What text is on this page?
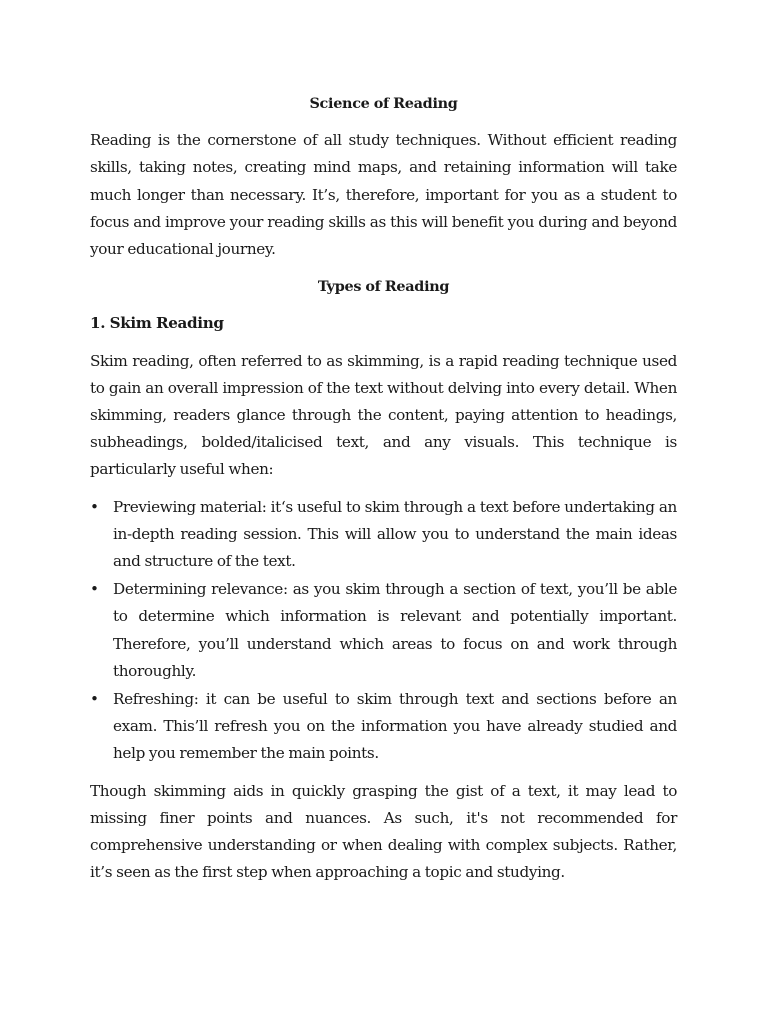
Science of Reading

Reading is the cornerstone of all study techniques. Without efficient reading skills, taking notes, creating mind maps, and retaining information will take much longer than necessary. It’s, therefore, important for you as a student to focus and improve your reading skills as this will benefit you during and beyond your educational journey.

Types of Reading
1. Skim Reading

Skim reading, often referred to as skimming, is a rapid reading technique used to gain an overall impression of the text without delving into every detail. When skimming, readers glance through the content, paying attention to headings, subheadings, bolded/italicised text, and any visuals. This technique is particularly useful when:

• Previewing material: it‘s useful to skim through a text before undertaking an in-depth reading session. This will allow you to understand the main ideas and structure of the text.
• Determining relevance: as you skim through a section of text, you’ll be able to determine which information is relevant and potentially important. Therefore, you’ll understand which areas to focus on and work through thoroughly.
• Refreshing: it can be useful to skim through text and sections before an exam. This’ll refresh you on the information you have already studied and help you remember the main points.

Though skimming aids in quickly grasping the gist of a text, it may lead to missing finer points and nuances. As such, it's not recommended for comprehensive understanding or when dealing with complex subjects. Rather, it’s seen as the first step when approaching a topic and studying.
